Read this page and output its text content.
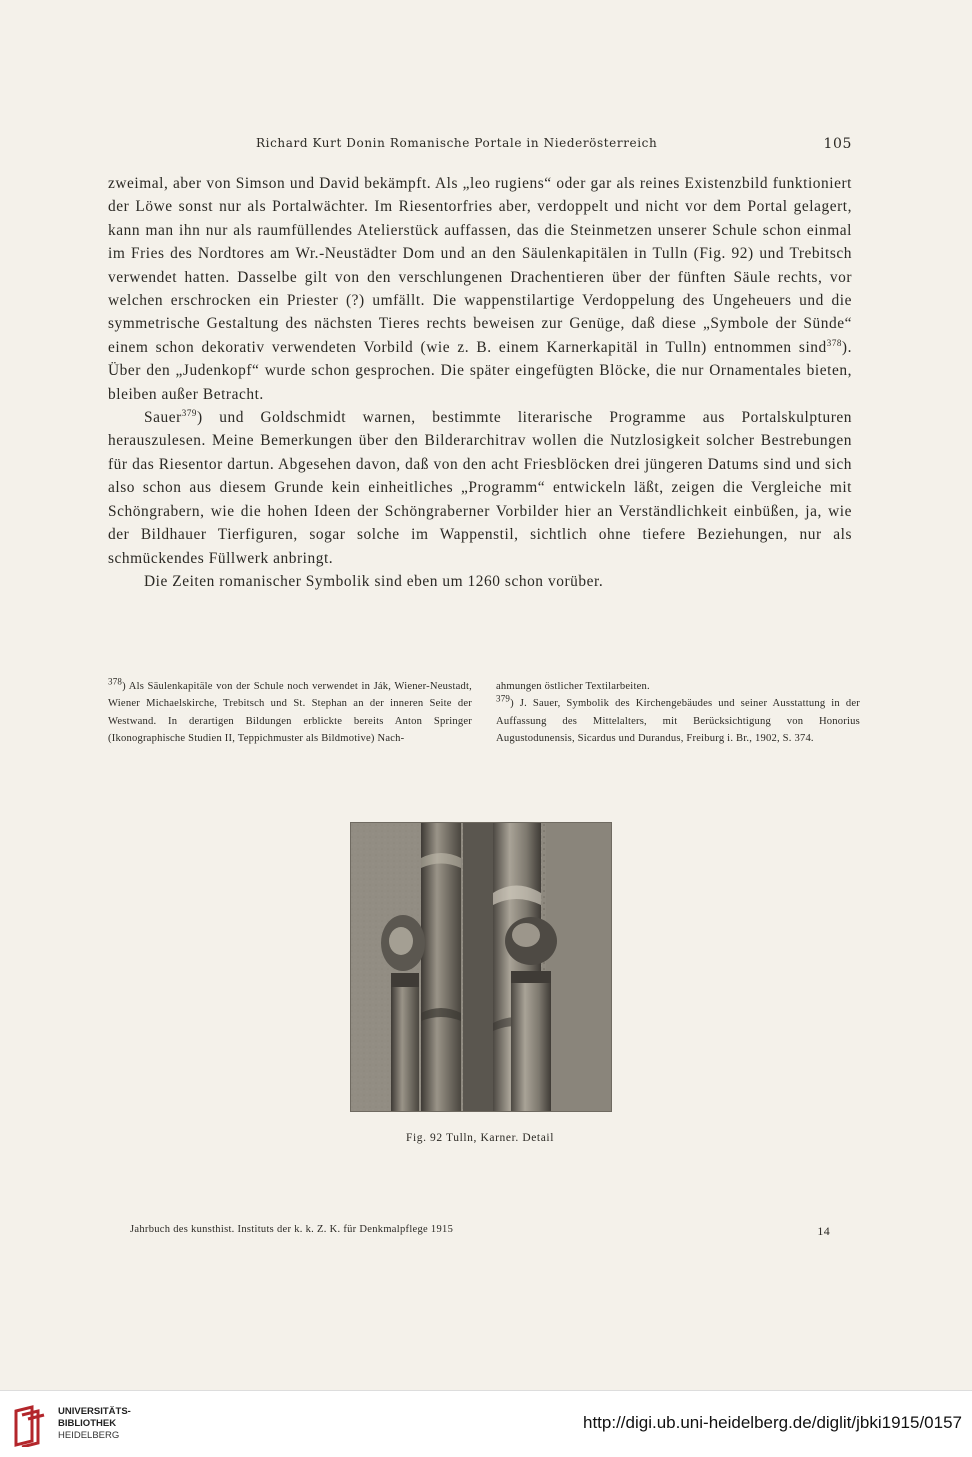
Richard Kurt Donin Romanische Portale in Niederösterreich	105

zweimal, aber von Simson und David bekämpft. Als „leo rugiens“ oder gar als reines Existenzbild funktioniert der Löwe sonst nur als Portalwächter. Im Riesentorfries aber, verdoppelt und nicht vor dem Portal gelagert, kann man ihn nur als raumfüllendes Atelierstück auffassen, das die Steinmetzen unserer Schule schon einmal im Fries des Nordtores am Wr.-Neustädter Dom und an den Säulenkapitälen in Tulln (Fig. 92) und Trebitsch verwendet hatten. Dasselbe gilt von den verschlungenen Drachentieren über der fünften Säule rechts, vor welchen erschrocken ein Priester (?) umfällt. Die wappenstilartige Verdoppelung des Ungeheuers und die symmetrische Gestaltung des nächsten Tieres rechts beweisen zur Genüge, daß diese „Symbole der Sünde“ einem schon dekorativ verwendeten Vorbild (wie z. B. einem Karnerkapitäl in Tulln) entnommen sind$^{378}$). Über den „Judenkopf“ wurde schon gesprochen. Die später eingefügten Blöcke, die nur Ornamentales bieten, bleiben außer Betracht.

Sauer$^{379}$) und Goldschmidt warnen, bestimmte literarische Programme aus Portalskulpturen herauszulesen. Meine Bemerkungen über den Bilderarchitrav wollen die Nutzlosigkeit solcher Bestrebungen für das Riesentor dartun. Abgesehen davon, daß von den acht Friesblöcken drei jüngeren Datums sind und sich also schon aus diesem Grunde kein einheitliches „Programm“ entwickeln läßt, zeigen die Vergleiche mit Schöngrabern, wie die hohen Ideen der Schöngraberner Vorbilder hier an Verständlichkeit einbüßen, ja, wie der Bildhauer Tierfiguren, sogar solche im Wappenstil, sichtlich ohne tiefere Beziehungen, nur als schmückendes Füllwerk anbringt.

Die Zeiten romanischer Symbolik sind eben um 1260 schon vorüber.

$^{378}$) Als Säulenkapitäle von der Schule noch verwendet in Ják, Wiener-Neustadt, Wiener Michaelskirche, Trebitsch und St. Stephan an der inneren Seite der Westwand. In derartigen Bildungen erblickte bereits Anton Springer (Ikonographische Studien II, Teppichmuster als Bildmotive) Nach-

ahmungen östlicher Textilarbeiten.

$^{379}$) J. Sauer, Symbolik des Kirchengebäudes und seiner Ausstattung in der Auffassung des Mittelalters, mit Berücksichtigung von Honorius Augustodunensis, Sicardus und Durandus, Freiburg i. Br., 1902, S. 374.

Fig. 92 Tulln, Karner. Detail
Jahrbuch des kunsthist. Instituts der k. k. Z. K. für Denkmalpflege 1915	14
UNIVERSITÄTS-
BIBLIOTHEK
HEIDELBERG
http://digi.ub.uni-heidelberg.de/diglit/jbki1915/0157
